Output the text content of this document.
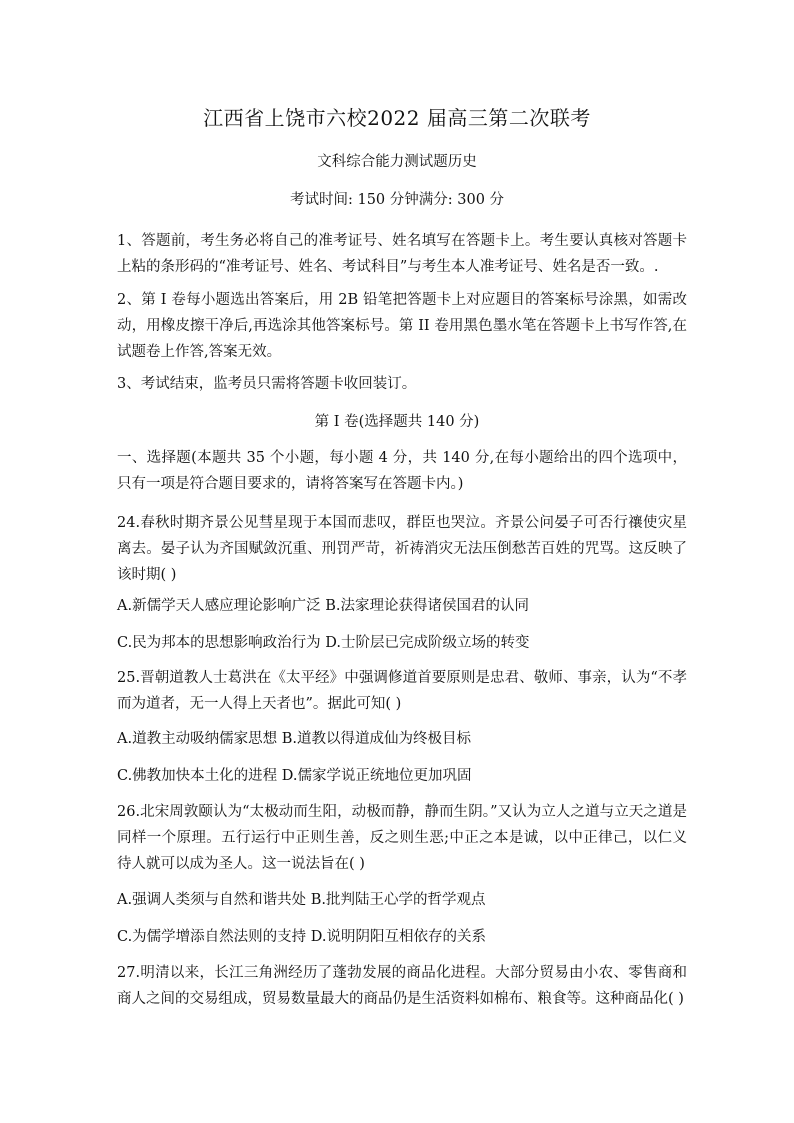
江西省上饶市六校2022 届高三第二次联考
文科综合能力测试题历史
考试时间: 150 分钟满分: 300 分
1、答题前，考生务必将自己的准考证号、姓名填写在答题卡上。考生要认真核对答题卡上粘的条形码的“准考证号、姓名、考试科目”与考生本人准考证号、姓名是否一致。.
2、第 I 卷每小题选出答案后，用 2B 铅笔把答题卡上对应题目的答案标号涂黑，如需改动，用橡皮擦干净后,再选涂其他答案标号。第 II 卷用黑色墨水笔在答题卡上书写作答,在试题卷上作答,答案无效。
3、考试结束，监考员只需将答题卡收回装订。
第 I 卷(选择题共 140 分)
一、选择题(本题共 35 个小题，每小题 4 分，共 140 分,在每小题给出的四个选项中，只有一项是符合题目要求的，请将答案写在答题卡内。)
24.春秋时期齐景公见彗星现于本国而悲叹，群臣也哭泣。齐景公问晏子可否行禳使灾星离去。晏子认为齐国赋敛沉重、刑罚严苛，祈祷消灾无法压倒愁苦百姓的咒骂。这反映了该时期( )
A.新儒学天人感应理论影响广泛 B.法家理论获得诸侯国君的认同
C.民为邦本的思想影响政治行为 D.士阶层已完成阶级立场的转变
25.晋朝道教人士葛洪在《太平经》中强调修道首要原则是忠君、敬师、事亲，认为“不孝而为道者，无一人得上天者也”。据此可知( )
A.道教主动吸纳儒家思想 B.道教以得道成仙为终极目标
C.佛教加快本土化的进程 D.儒家学说正统地位更加巩固
26.北宋周敦颐认为“太极动而生阳，动极而静，静而生阴。”又认为立人之道与立天之道是同样一个原理。五行运行中正则生善，反之则生恶;中正之本是诚，以中正律己，以仁义待人就可以成为圣人。这一说法旨在( )
A.强调人类须与自然和谐共处 B.批判陆王心学的哲学观点
C.为儒学增添自然法则的支持 D.说明阴阳互相依存的关系
27.明清以来，长江三角洲经历了蓬勃发展的商品化进程。大部分贸易由小农、零售商和商人之间的交易组成，贸易数量最大的商品仍是生活资料如棉布、粮食等。这种商品化( )
